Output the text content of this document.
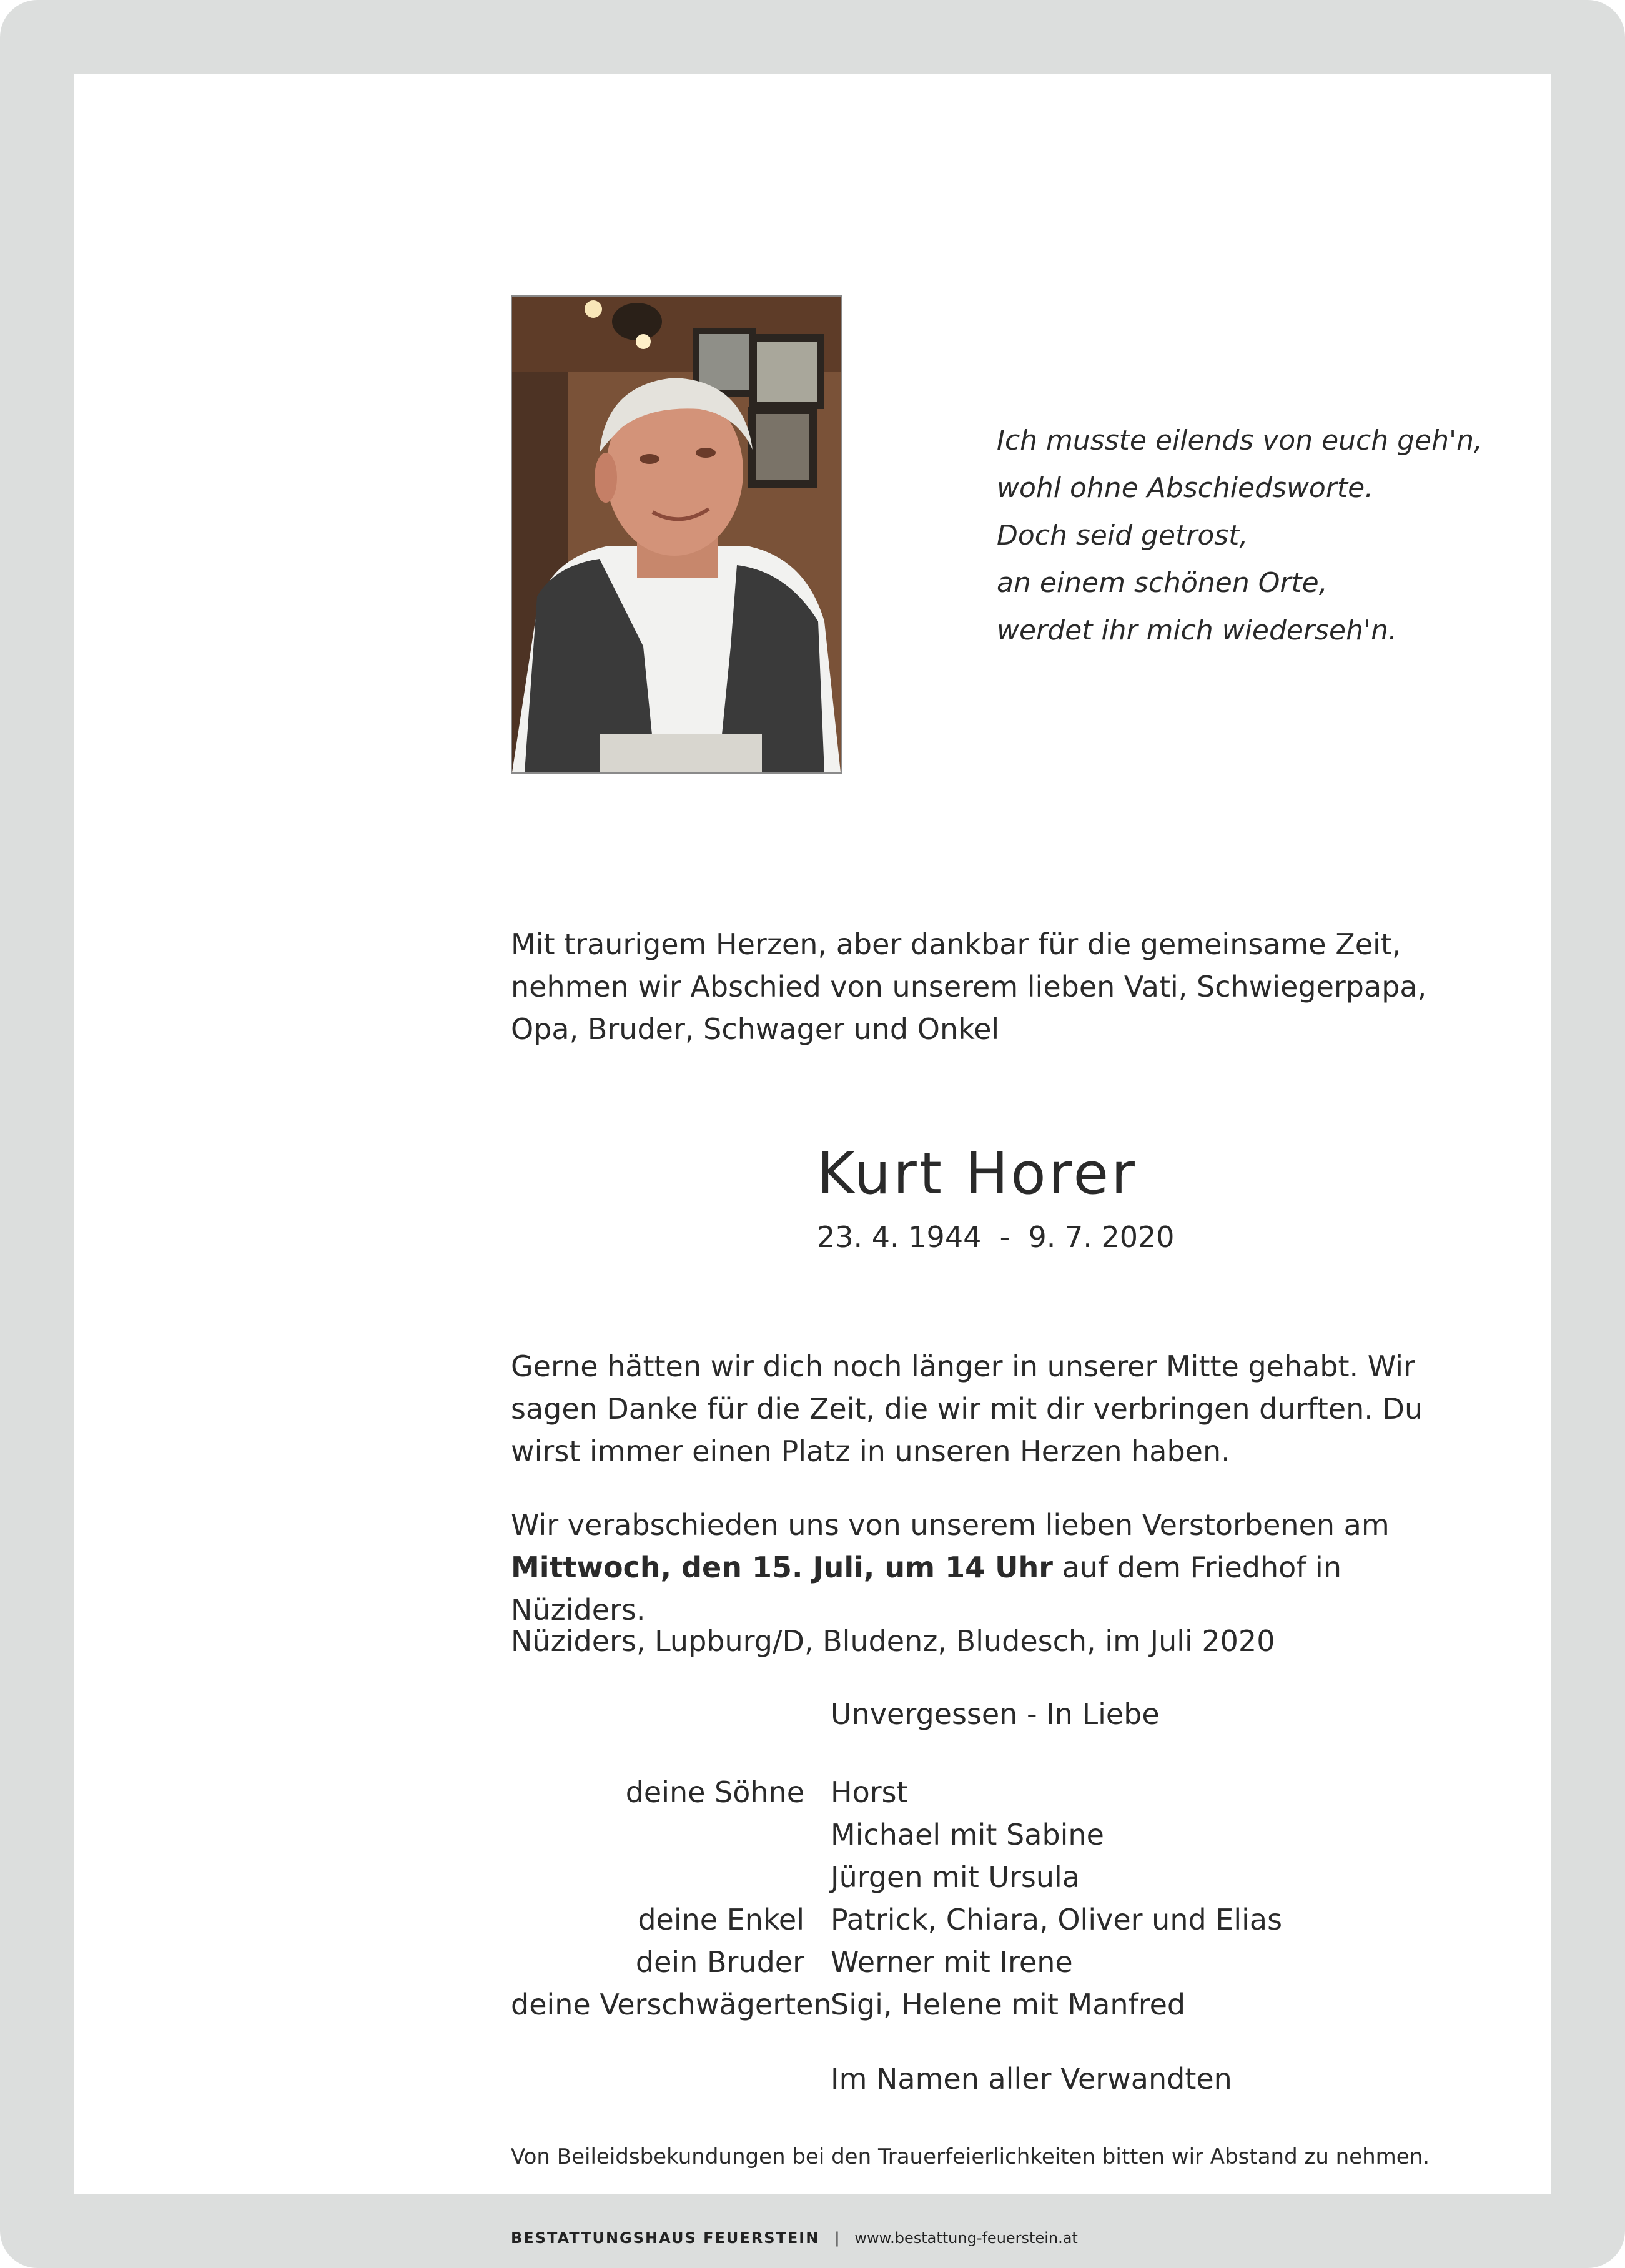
Ich musste eilends von euch geh'n,
wohl ohne Abschiedsworte.
Doch seid getrost,
an einem schönen Orte,
werdet ihr mich wiederseh'n.
Mit traurigem Herzen, aber dankbar für die gemeinsame Zeit, nehmen wir Abschied von unserem lieben Vati, Schwiegerpapa, Opa, Bruder, Schwager und Onkel
Kurt Horer
23. 4. 1944  -  9. 7. 2020
Gerne hätten wir dich noch länger in unserer Mitte gehabt. Wir sagen Danke für die Zeit, die wir mit dir verbringen durften. Du wirst immer einen Platz in unseren Herzen haben.
Wir verabschieden uns von unserem lieben Verstorbenen am Mittwoch, den 15. Juli, um 14 Uhr auf dem Friedhof in Nüziders.
Nüziders, Lupburg/D, Bludenz, Bludesch, im Juli 2020
Unvergessen - In Liebe
deine Söhne Horst
Michael mit Sabine
Jürgen mit Ursula
deine Enkel Patrick, Chiara, Oliver und Elias
dein Bruder Werner mit Irene
deine Verschwägerten
Sigi, Helene mit Manfred
Im Namen aller Verwandten
Von Beileidsbekundungen bei den Trauerfeierlichkeiten bitten wir Abstand zu nehmen.
BESTATTUNGSHAUS FEUERSTEIN | www.bestattung-feuerstein.at
